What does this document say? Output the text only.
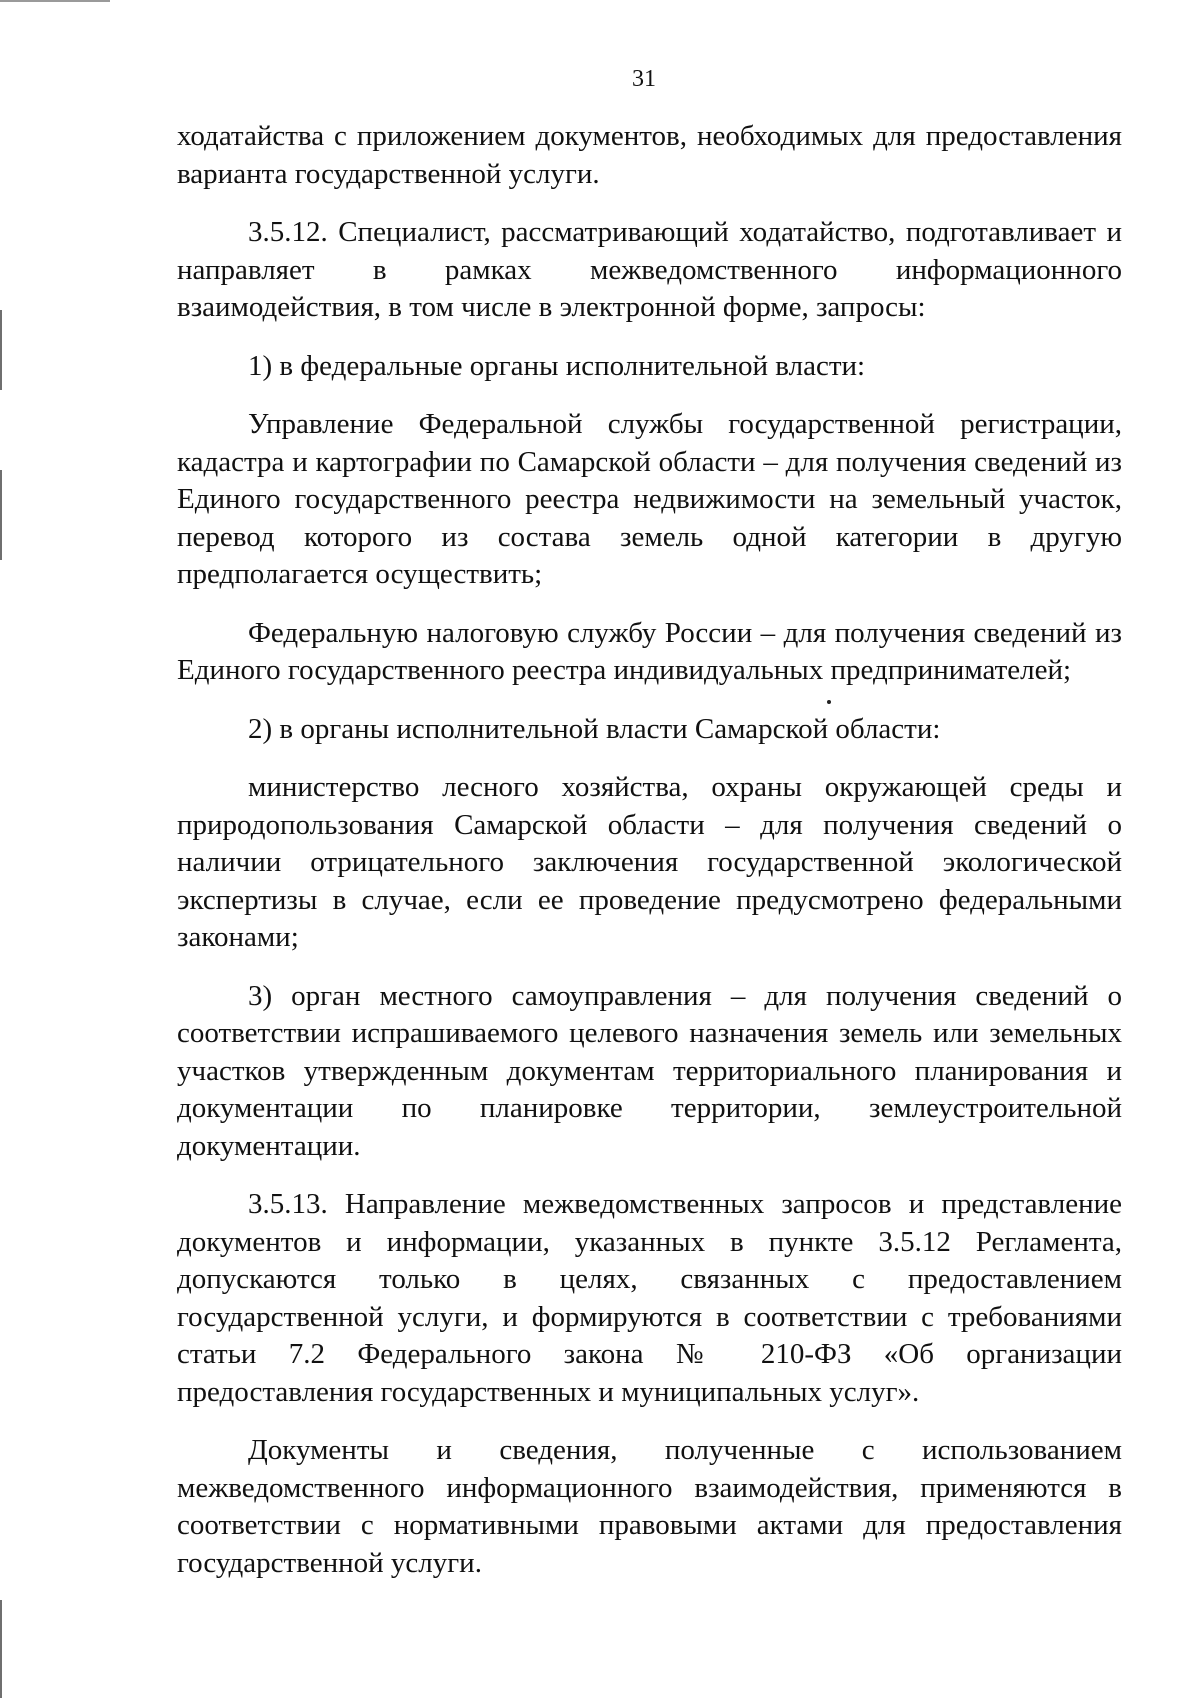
31

ходатайства с приложением документов, необходимых для предоставления варианта государственной услуги.

3.5.12. Специалист, рассматривающий ходатайство, подготавливает и направляет в рамках межведомственного информационного взаимодействия, в том числе в электронной форме, запросы:

1) в федеральные органы исполнительной власти:

Управление Федеральной службы государственной регистрации, кадастра и картографии по Самарской области – для получения сведений из Единого государственного реестра недвижимости на земельный участок, перевод которого из состава земель одной категории в другую предполагается осуществить;

Федеральную налоговую службу России – для получения сведений из Единого государственного реестра индивидуальных предпринимателей;

2) в органы исполнительной власти Самарской области:

министерство лесного хозяйства, охраны окружающей среды и природопользования Самарской области – для получения сведений о наличии отрицательного заключения государственной экологической экспертизы в случае, если ее проведение предусмотрено федеральными законами;

3) орган местного самоуправления – для получения сведений о соответствии испрашиваемого целевого назначения земель или земельных участков утвержденным документам территориального планирования и документации по планировке территории, землеустроительной документации.

3.5.13. Направление межведомственных запросов и представление документов и информации, указанных в пункте 3.5.12 Регламента, допускаются только в целях, связанных с предоставлением государственной услуги, и формируются в соответствии с требованиями статьи 7.2 Федерального закона № 210-ФЗ «Об организации предоставления государственных и муниципальных услуг».

Документы и сведения, полученные с использованием межведомственного информационного взаимодействия, применяются в соответствии с нормативными правовыми актами для предоставления государственной услуги.
